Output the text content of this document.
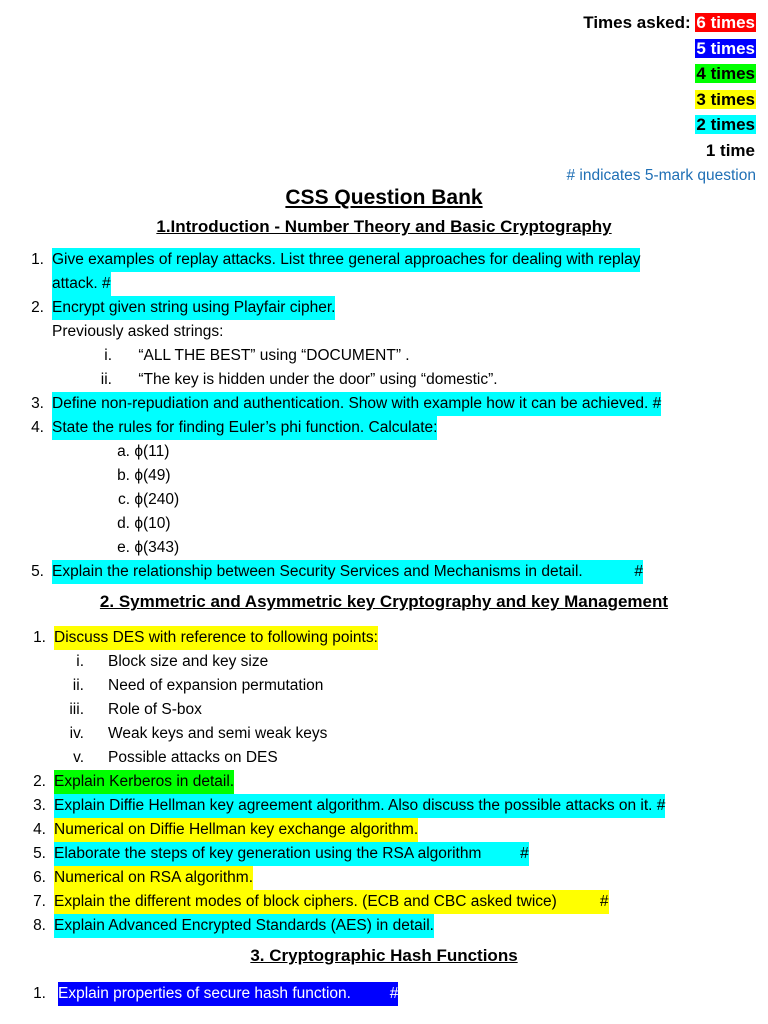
Times asked: 6 times
5 times
4 times
3 times
2 times
1 time
# indicates 5-mark question
CSS Question Bank
1.Introduction - Number Theory and Basic Cryptography
1. Give examples of replay attacks. List three general approaches for dealing with replay
attack. #
2. Encrypt given string using Playfair cipher.
Previously asked strings:
i. “ALL THE BEST” using “DOCUMENT” .
ii. “The key is hidden under the door” using “domestic”.
3. Define non-repudiation and authentication. Show with example how it can be achieved. #
4. State the rules for finding Euler’s phi function. Calculate:
a. ϕ(11)
b. ϕ(49)
c. ϕ(240)
d. ϕ(10)
e. ϕ(343)
5. Explain the relationship between Security Services and Mechanisms in detail.            #
2. Symmetric and Asymmetric key Cryptography and key Management
1. Discuss DES with reference to following points:
i. Block size and key size
ii. Need of expansion permutation
iii. Role of S-box
iv. Weak keys and semi weak keys
v. Possible attacks on DES
2. Explain Kerberos in detail.
3. Explain Diffie Hellman key agreement algorithm. Also discuss the possible attacks on it. #
4. Numerical on Diffie Hellman key exchange algorithm.
5. Elaborate the steps of key generation using the RSA algorithm         #
6. Numerical on RSA algorithm.
7. Explain the different modes of block ciphers. (ECB and CBC asked twice)          #
8. Explain Advanced Encrypted Standards (AES) in detail.
3. Cryptographic Hash Functions
1. Explain properties of secure hash function.         #
